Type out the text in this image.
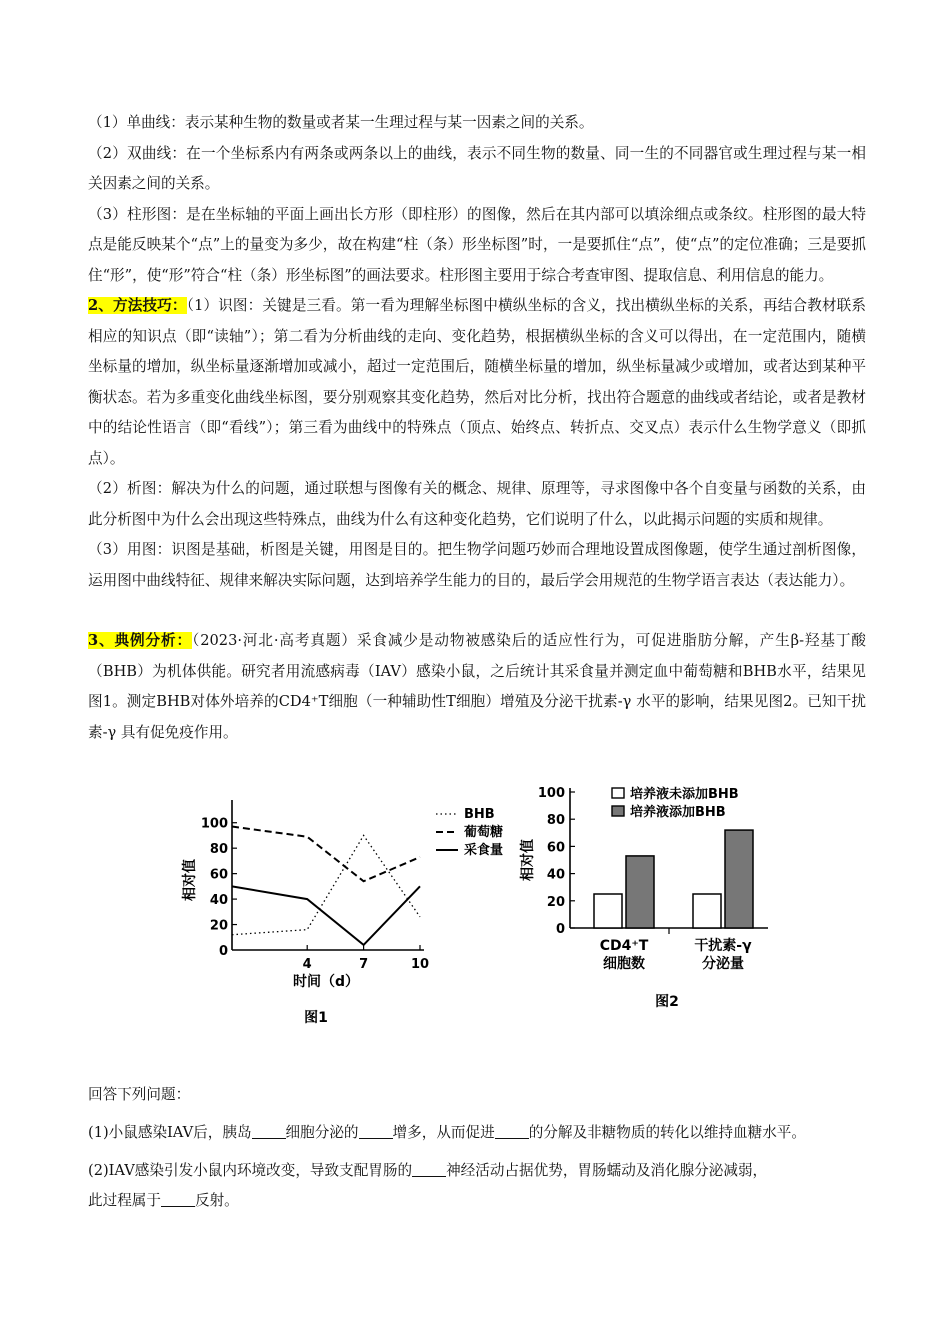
（1）单曲线：表示某种生物的数量或者某一生理过程与某一因素之间的关系。

（2）双曲线：在一个坐标系内有两条或两条以上的曲线，表示不同生物的数量、同一生的不同器官或生理过程与某一相关因素之间的关系。

（3）柱形图：是在坐标轴的平面上画出长方形（即柱形）的图像，然后在其内部可以填涂细点或条纹。柱形图的最大特点是能反映某个“点”上的量变为多少，故在构建“柱（条）形坐标图”时，一是要抓住“点”，使“点”的定位准确；三是要抓住“形”，使“形”符合“柱（条）形坐标图”的画法要求。柱形图主要用于综合考查审图、提取信息、利用信息的能力。

2、方法技巧：（1）识图：关键是三看。第一看为理解坐标图中横纵坐标的含义，找出横纵坐标的关系，再结合教材联系相应的知识点（即“读轴”）；第二看为分析曲线的走向、变化趋势，根据横纵坐标的含义可以得出，在一定范围内，随横坐标量的增加，纵坐标量逐渐增加或减小，超过一定范围后，随横坐标量的增加，纵坐标量减少或增加，或者达到某种平衡状态。若为多重变化曲线坐标图，要分别观察其变化趋势，然后对比分析，找出符合题意的曲线或者结论，或者是教材中的结论性语言（即“看线”）；第三看为曲线中的特殊点（顶点、始终点、转折点、交叉点）表示什么生物学意义（即抓点）。

（2）析图：解决为什么的问题，通过联想与图像有关的概念、规律、原理等，寻求图像中各个自变量与函数的关系，由此分析图中为什么会出现这些特殊点，曲线为什么有这种变化趋势，它们说明了什么，以此揭示问题的实质和规律。

（3）用图：识图是基础，析图是关键，用图是目的。把生物学问题巧妙而合理地设置成图像题，使学生通过剖析图像，运用图中曲线特征、规律来解决实际问题，达到培养学生能力的目的，最后学会用规范的生物学语言表达（表达能力）。

3、典例分析：（2023·河北·高考真题）采食减少是动物被感染后的适应性行为，可促进脂肪分解，产生β-羟基丁酸（BHB）为机体供能。研究者用流感病毒（IAV）感染小鼠，之后统计其采食量并测定血中葡萄糖和BHB水平，结果见图1。测定BHB对体外培养的CD4⁺T细胞（一种辅助性T细胞）增殖及分泌干扰素-γ 水平的影响，结果见图2。已知干扰素-γ 具有促免疫作用。

0
20
40
60
80
100
4	7	10
时间（d）
相对值
BHB
葡萄糖
采食量
图1
0
20
40
60
80
100
相对值
CD4⁺T
细胞数
干扰素-γ
分泌量
培养液未添加BHB
培养液添加BHB
图2

回答下列问题：

(1)小鼠感染IAV后，胰岛 细胞分泌的 增多，从而促进 的分解及非糖物质的转化以维持血糖水平。

(2)IAV感染引发小鼠内环境改变，导致支配胃肠的 神经活动占据优势，胃肠蠕动及消化腺分泌减弱，
此过程属于 反射。
